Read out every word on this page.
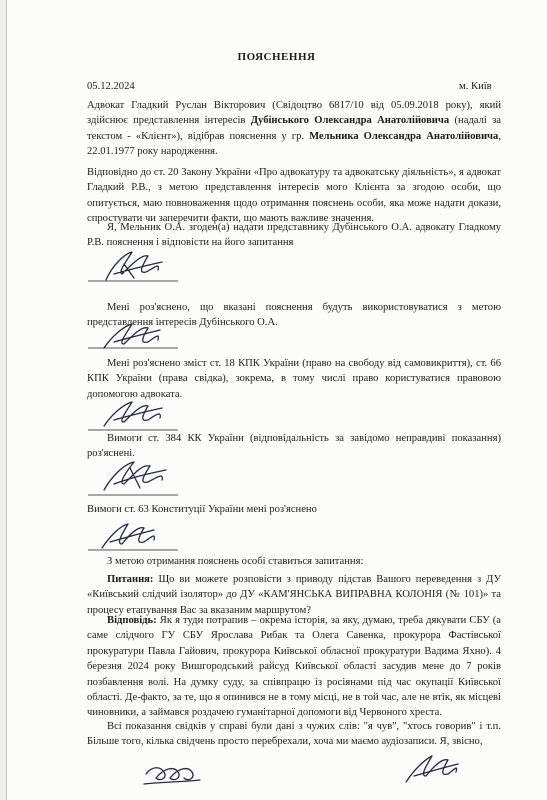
ПОЯСНЕННЯ
05.12.2024	м. Київ
Адвокат Гладкий Руслан Вікторович (Свідоцтво 6817/10 від 05.09.2018 року), який здійснює представлення інтересів Дубінського Олександра Анатолійовича (надалі за текстом - «Клієнт»), відібрав пояснення у гр. Мельника Олександра Анатолійовича, 22.01.1977 року народження.
Відповідно до ст. 20 Закону України «Про адвокатуру та адвокатську діяльність», я адвокат Гладкий Р.В., з метою представлення інтересів мого Клієнта за згодою особи, що опитується, маю повноваження щодо отримання пояснень особи, яка може надати докази, спростувати чи заперечити факти, що мають важливе значення.
Я, Мельник О.А. згоден(а) надати представнику Дубінського О.А. адвокату Гладкому Р.В. пояснення і відповісти на його запитання
Мені роз'яснено, що вказані пояснення будуть використовуватися з метою представлення інтересів Дубінського О.А.
Мені роз'яснено зміст ст. 18 КПК України (право на свободу від самовикриття), ст. 66 КПК України (права свідка), зокрема, в тому числі право користуватися правовою допомогою адвоката.
Вимоги ст. 384 КК України (відповідальність за завідомо неправдиві показання) роз'яснені.
Вимоги ст. 63 Конституції України мені роз'яснено
З метою отримання пояснень особі ставиться запитання:
Питання: Що ви можете розповісти з приводу підстав Вашого переведення з ДУ «Київський слідчий ізолятор» до ДУ «КАМ'ЯНСЬКА ВИПРАВНА КОЛОНІЯ (№ 101)» та процесу етапування Вас за вказаним маршрутом?
Відповідь: Як я туди потрапив – окрема історія, за яку, думаю, треба дякувати СБУ (а саме слідчого ГУ СБУ Ярослава Рибак та Олега Савенка, прокурора Фастівської прокуратури Павла Гайович, прокурора Київської обласної прокуратури Вадима Яхно). 4 березня 2024 року Вишгородський райсуд Київської області засудив мене до 7 років позбавлення волі. На думку суду, за співпрацю із росіянами під час окупації Київської області. Де-факто, за те, що я опинився не в тому місці, не в той час, але не втік, як місцеві чиновники, а займався роздачею гуманітарної допомоги від Червоного хреста.
Всі показання свідків у справі були дані з чужих слів: "я чув", "хтось говорив" і т.п. Більше того, кілька свідчень просто перебрехали, хоча ми маємо аудіозаписи. Я, звісно,
